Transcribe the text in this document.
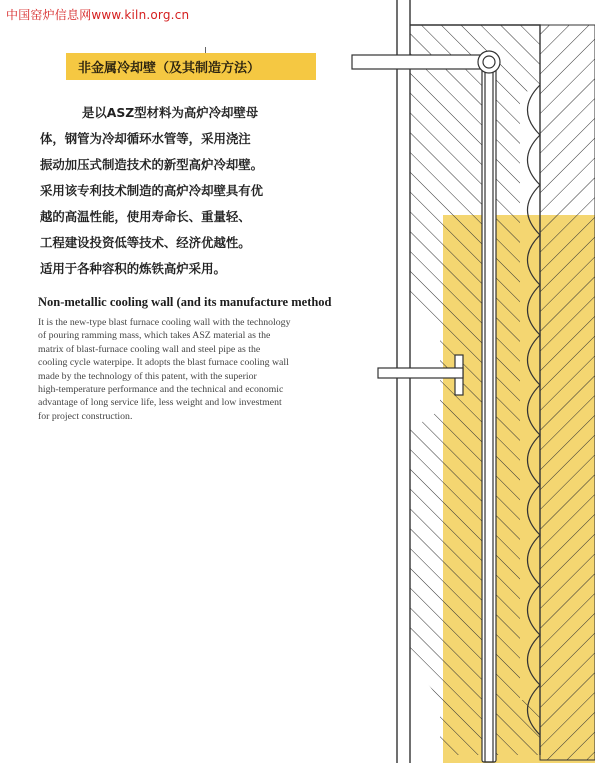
中国窑炉信息网www.kiln.org.cn
非金属冷却壁（及其制造方法）
是以ASZ型材料为高炉冷却壁母
体，钢管为冷却循环水管等，采用浇注
振动加压式制造技术的新型高炉冷却壁。
采用该专利技术制造的高炉冷却壁具有优
越的高温性能，使用寿命长、重量轻、
工程建设投资低等技术、经济优越性。
适用于各种容积的炼铁高炉采用。
Non-metallic cooling wall (and its manufacture method
It is the new-type blast furnace cooling wall with the technology
of pouring ramming mass, which takes ASZ material as the
matrix of blast-furnace cooling wall and steel pipe as the
cooling cycle waterpipe. It adopts the blast furnace cooling wall
made by the technology of this patent, with the superior
high-temperature performance and the technical and economic
advantage of long service life, less weight and low investment
for project construction.
